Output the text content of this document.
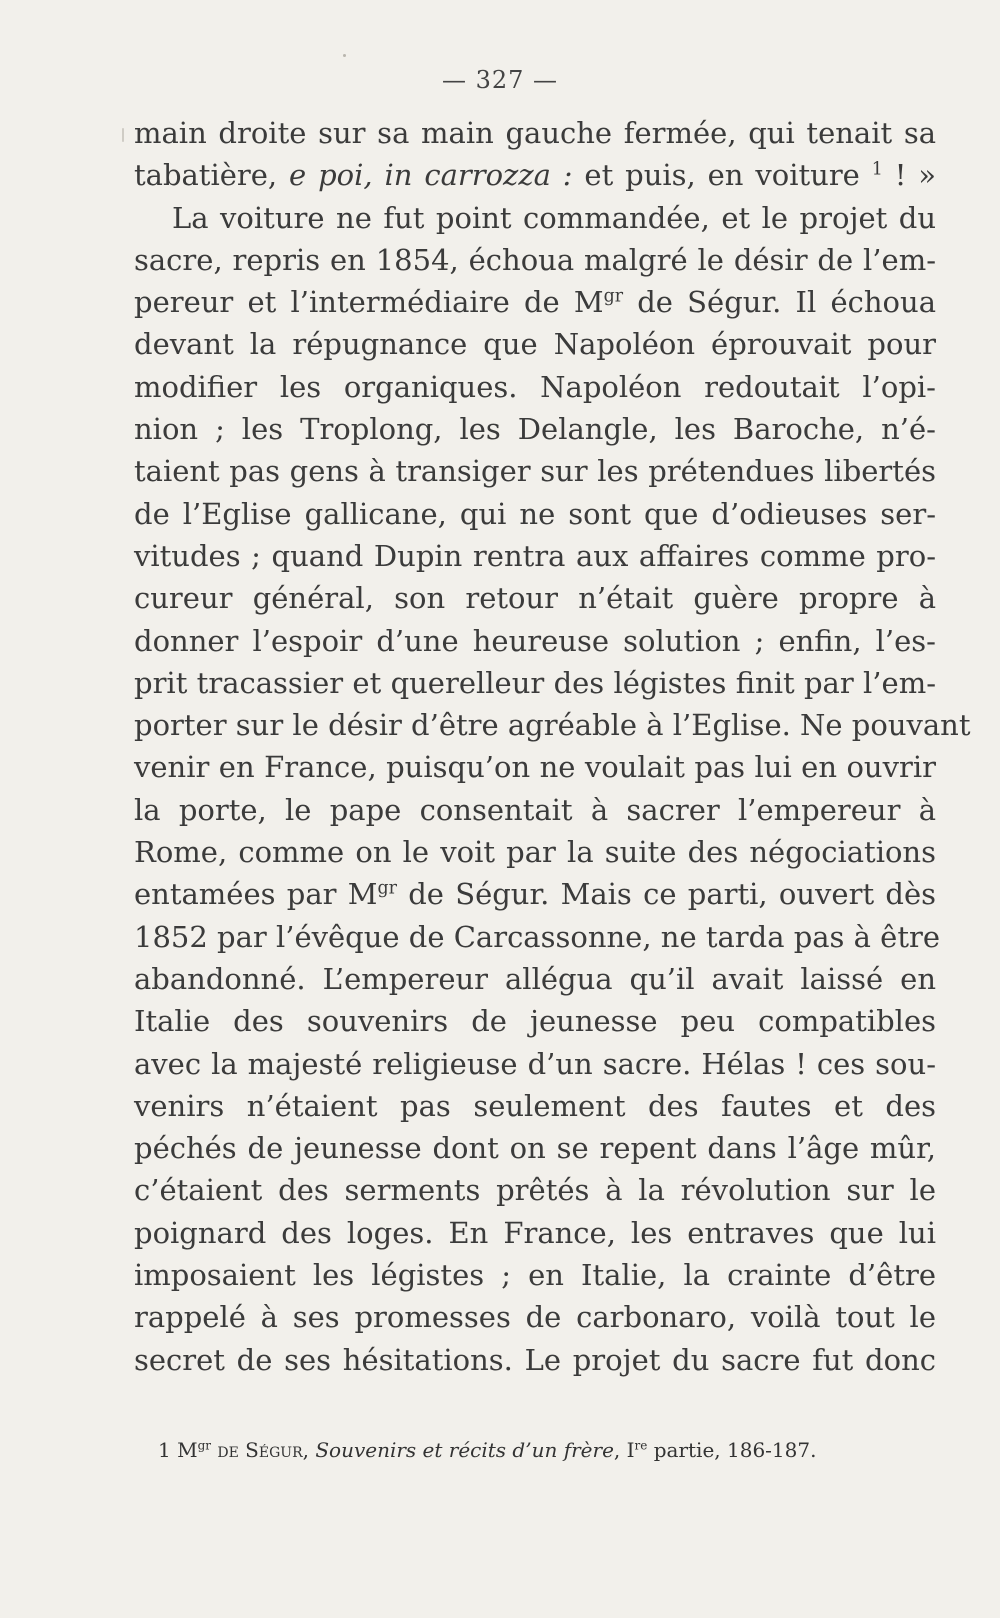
— 327 —
main droite sur sa main gauche fermée, qui tenait sa
tabatière, e poi, in carrozza : et puis, en voiture $^1$ ! »
La voiture ne fut point commandée, et le projet du
sacre, repris en 1854, échoua malgré le désir de l’em-
pereur et l’intermédiaire de $M^{gr}$ de Ségur. Il échoua
devant la répugnance que Napoléon éprouvait pour
modifier les organiques. Napoléon redoutait l’opi-
nion ; les Troplong, les Delangle, les Baroche, n’é-
taient pas gens à transiger sur les prétendues libertés
de l’Eglise gallicane, qui ne sont que d’odieuses ser-
vitudes ; quand Dupin rentra aux affaires comme pro-
cureur général, son retour n’était guère propre à
donner l’espoir d’une heureuse solution ; enfin, l’es-
prit tracassier et querelleur des légistes finit par l’em-
porter sur le désir d’être agréable à l’Eglise. Ne pouvant
venir en France, puisqu’on ne voulait pas lui en ouvrir
la porte, le pape consentait à sacrer l’empereur à
Rome, comme on le voit par la suite des négociations
entamées par $M^{gr}$ de Ségur. Mais ce parti, ouvert dès
1852 par l’évêque de Carcassonne, ne tarda pas à être
abandonné. L’empereur allégua qu’il avait laissé en
Italie des souvenirs de jeunesse peu compatibles
avec la majesté religieuse d’un sacre. Hélas ! ces sou-
venirs n’étaient pas seulement des fautes et des
péchés de jeunesse dont on se repent dans l’âge mûr,
c’étaient des serments prêtés à la révolution sur le
poignard des loges. En France, les entraves que lui
imposaient les légistes ; en Italie, la crainte d’être
rappelé à ses promesses de carbonaro, voilà tout le
secret de ses hésitations. Le projet du sacre fut donc
1 $M^{gr}$ de Ségur, Souvenirs et récits d’un frère, Ire partie, 186-187.
